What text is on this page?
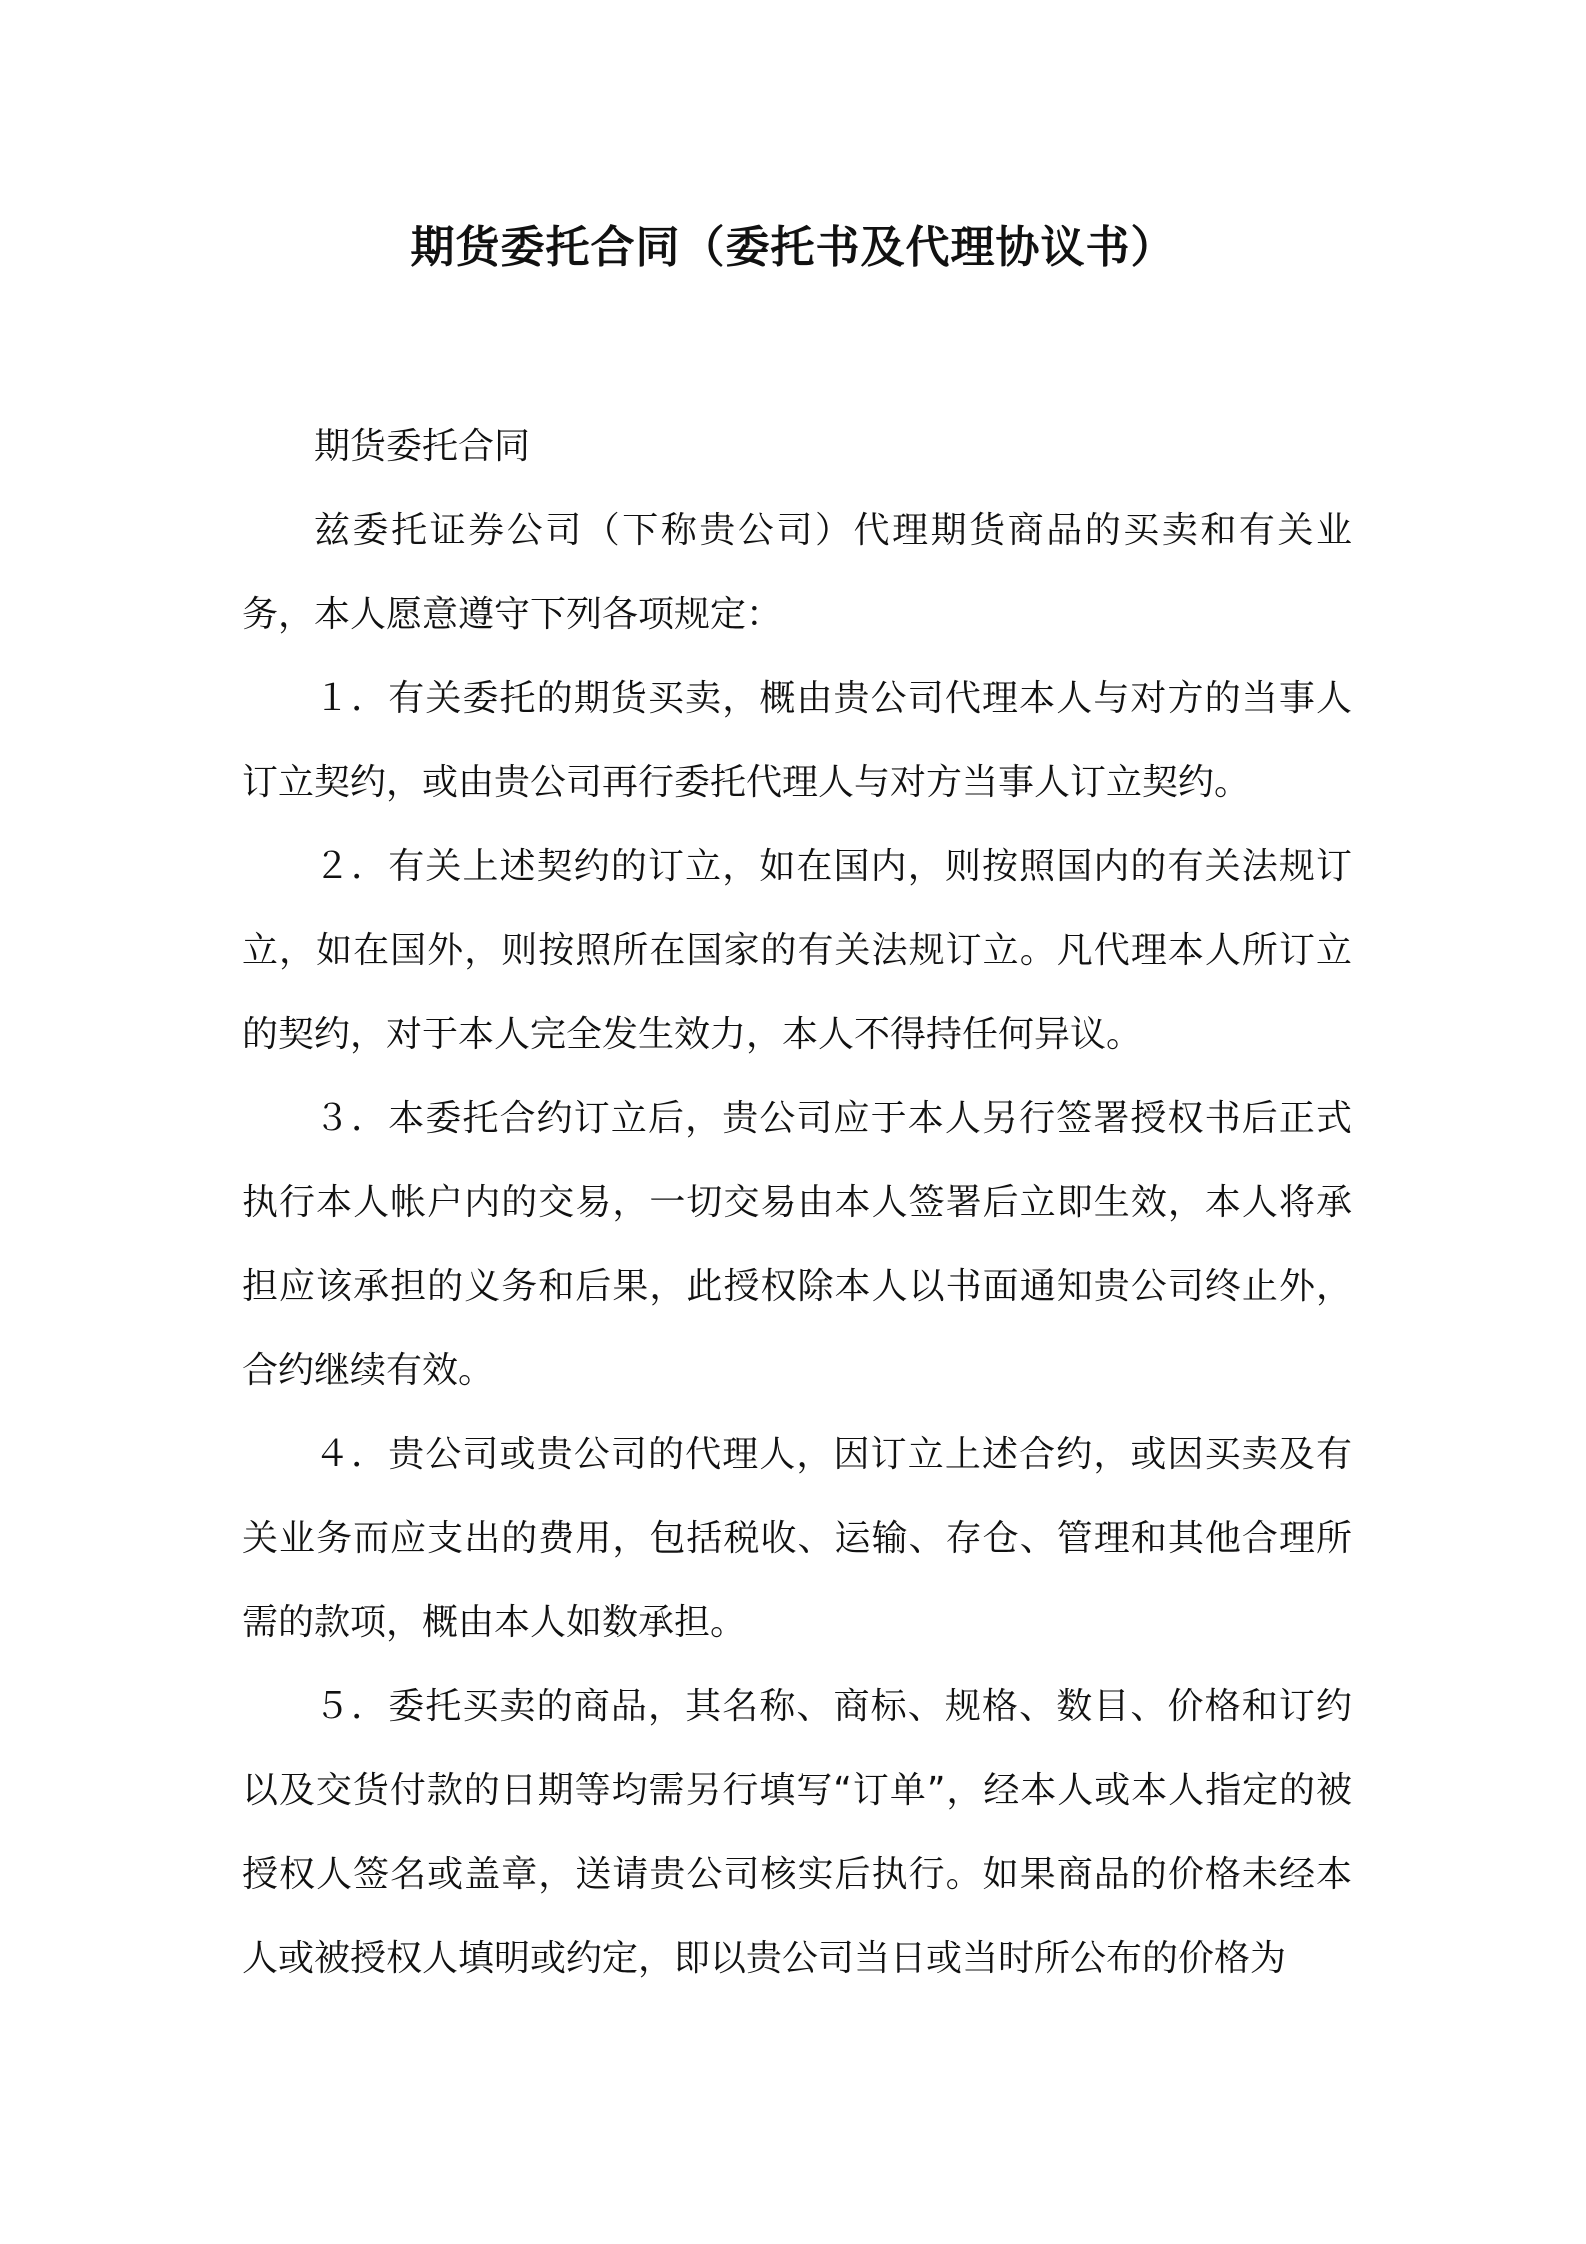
期货委托合同（委托书及代理协议书）

期货委托合同

兹委托证券公司（下称贵公司）代理期货商品的买卖和有关业务，本人愿意遵守下列各项规定：

１．有关委托的期货买卖，概由贵公司代理本人与对方的当事人订立契约，或由贵公司再行委托代理人与对方当事人订立契约。

２．有关上述契约的订立，如在国内，则按照国内的有关法规订立，如在国外，则按照所在国家的有关法规订立。凡代理本人所订立的契约，对于本人完全发生效力，本人不得持任何异议。

３．本委托合约订立后，贵公司应于本人另行签署授权书后正式执行本人帐户内的交易，一切交易由本人签署后立即生效，本人将承担应该承担的义务和后果，此授权除本人以书面通知贵公司终止外，合约继续有效。

４．贵公司或贵公司的代理人，因订立上述合约，或因买卖及有关业务而应支出的费用，包括税收、运输、存仓、管理和其他合理所需的款项，概由本人如数承担。

５．委托买卖的商品，其名称、商标、规格、数目、价格和订约以及交货付款的日期等均需另行填写“订单”，经本人或本人指定的被授权人签名或盖章，送请贵公司核实后执行。如果商品的价格未经本人或被授权人填明或约定，即以贵公司当日或当时所公布的价格为
